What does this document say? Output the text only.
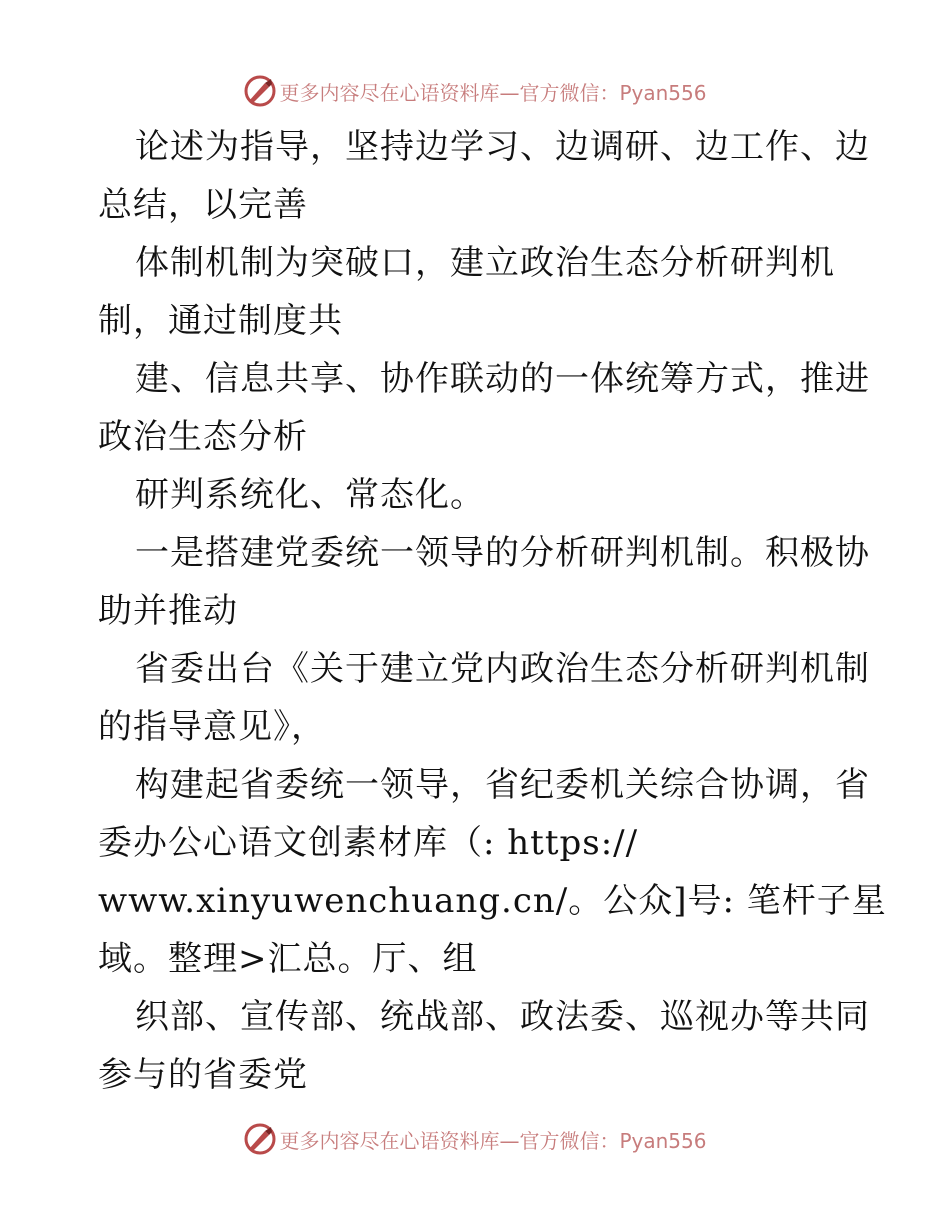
更多内容尽在心语资料库—官方微信：Pyan556
论述为指导，坚持边学习、边调研、边工作、边
总结，以完善
体制机制为突破口，建立政治生态分析研判机
制，通过制度共
建、信息共享、协作联动的一体统筹方式，推进
政治生态分析
研判系统化、常态化。
一是搭建党委统一领导的分析研判机制。积极协
助并推动
省委出台《关于建立党内政治生态分析研判机制
的指导意见》，
构建起省委统一领导，省纪委机关综合协调，省
委办公心语文创素材库（: https://
www.xinyuwenchuang.cn/。公众]号: 笔杆子星
域。整理>汇总。厅、组
织部、宣传部、统战部、政法委、巡视办等共同
参与的省委党
更多内容尽在心语资料库—官方微信：Pyan556
